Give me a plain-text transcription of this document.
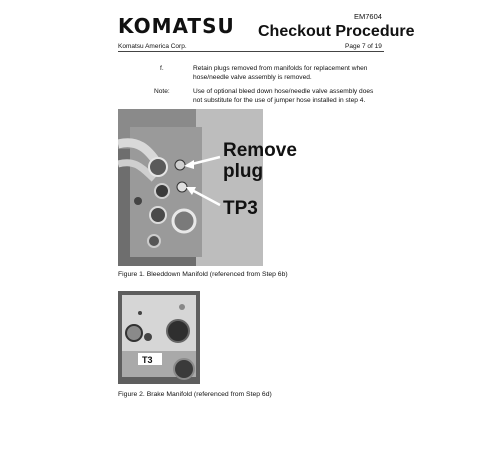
KOMATSU	EM7604
Checkout Procedure
Komatsu America Corp.	Page 7 of 19
f.	Retain plugs removed from manifolds for replacement when hose/needle valve assembly is removed.
Note:	Use of optional bleed down hose/needle valve assembly does not substitute for the use of jumper hose installed in step 4.
Remove
plug
TP3
Figure 1. Bleeddown Manifold (referenced from Step 6b)
T3
Figure 2. Brake Manifold (referenced from Step 6d)
